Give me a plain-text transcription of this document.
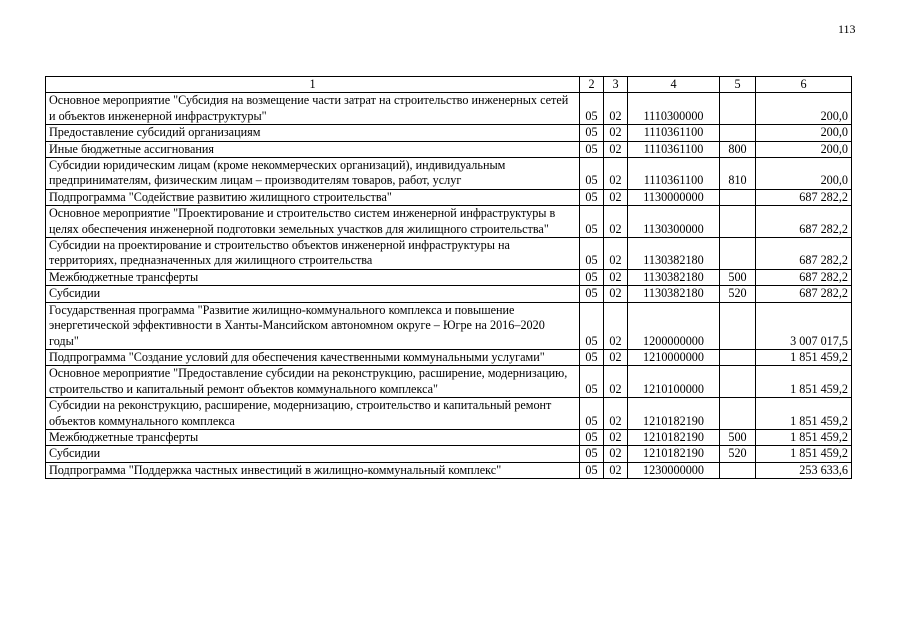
113
1	2	3	4	5	6
Основное мероприятие "Субсидия на возмещение части затрат на строительство инженерных сетей и объектов инженерной инфраструктуры"	05	02	1110300000		200,0
Предоставление субсидий организациям	05	02	1110361100		200,0
Иные бюджетные ассигнования	05	02	1110361100	800	200,0
Субсидии юридическим лицам (кроме некоммерческих организаций), индивидуальным предпринимателям, физическим лицам – производителям товаров, работ, услуг	05	02	1110361100	810	200,0
Подпрограмма "Содействие развитию жилищного строительства"	05	02	1130000000		687 282,2
Основное мероприятие "Проектирование и строительство систем инженерной инфраструктуры в целях обеспечения инженерной подготовки земельных участков для жилищного строительства"	05	02	1130300000		687 282,2
Субсидии на проектирование и строительство объектов инженерной инфраструктуры на территориях, предназначенных для жилищного строительства	05	02	1130382180		687 282,2
Межбюджетные трансферты	05	02	1130382180	500	687 282,2
Субсидии	05	02	1130382180	520	687 282,2
Государственная программа "Развитие жилищно-коммунального комплекса и повышение энергетической эффективности в Ханты-Мансийском автономном округе – Югре на 2016–2020 годы"	05	02	1200000000		3 007 017,5
Подпрограмма "Создание условий для обеспечения качественными коммунальными услугами"	05	02	1210000000		1 851 459,2
Основное мероприятие "Предоставление субсидии на реконструкцию, расширение, модернизацию, строительство и капитальный ремонт объектов коммунального комплекса"	05	02	1210100000		1 851 459,2
Субсидии на реконструкцию, расширение, модернизацию, строительство и капитальный ремонт объектов коммунального комплекса	05	02	1210182190		1 851 459,2
Межбюджетные трансферты	05	02	1210182190	500	1 851 459,2
Субсидии	05	02	1210182190	520	1 851 459,2
Подпрограмма "Поддержка частных инвестиций в жилищно-коммунальный комплекс"	05	02	1230000000		253 633,6
